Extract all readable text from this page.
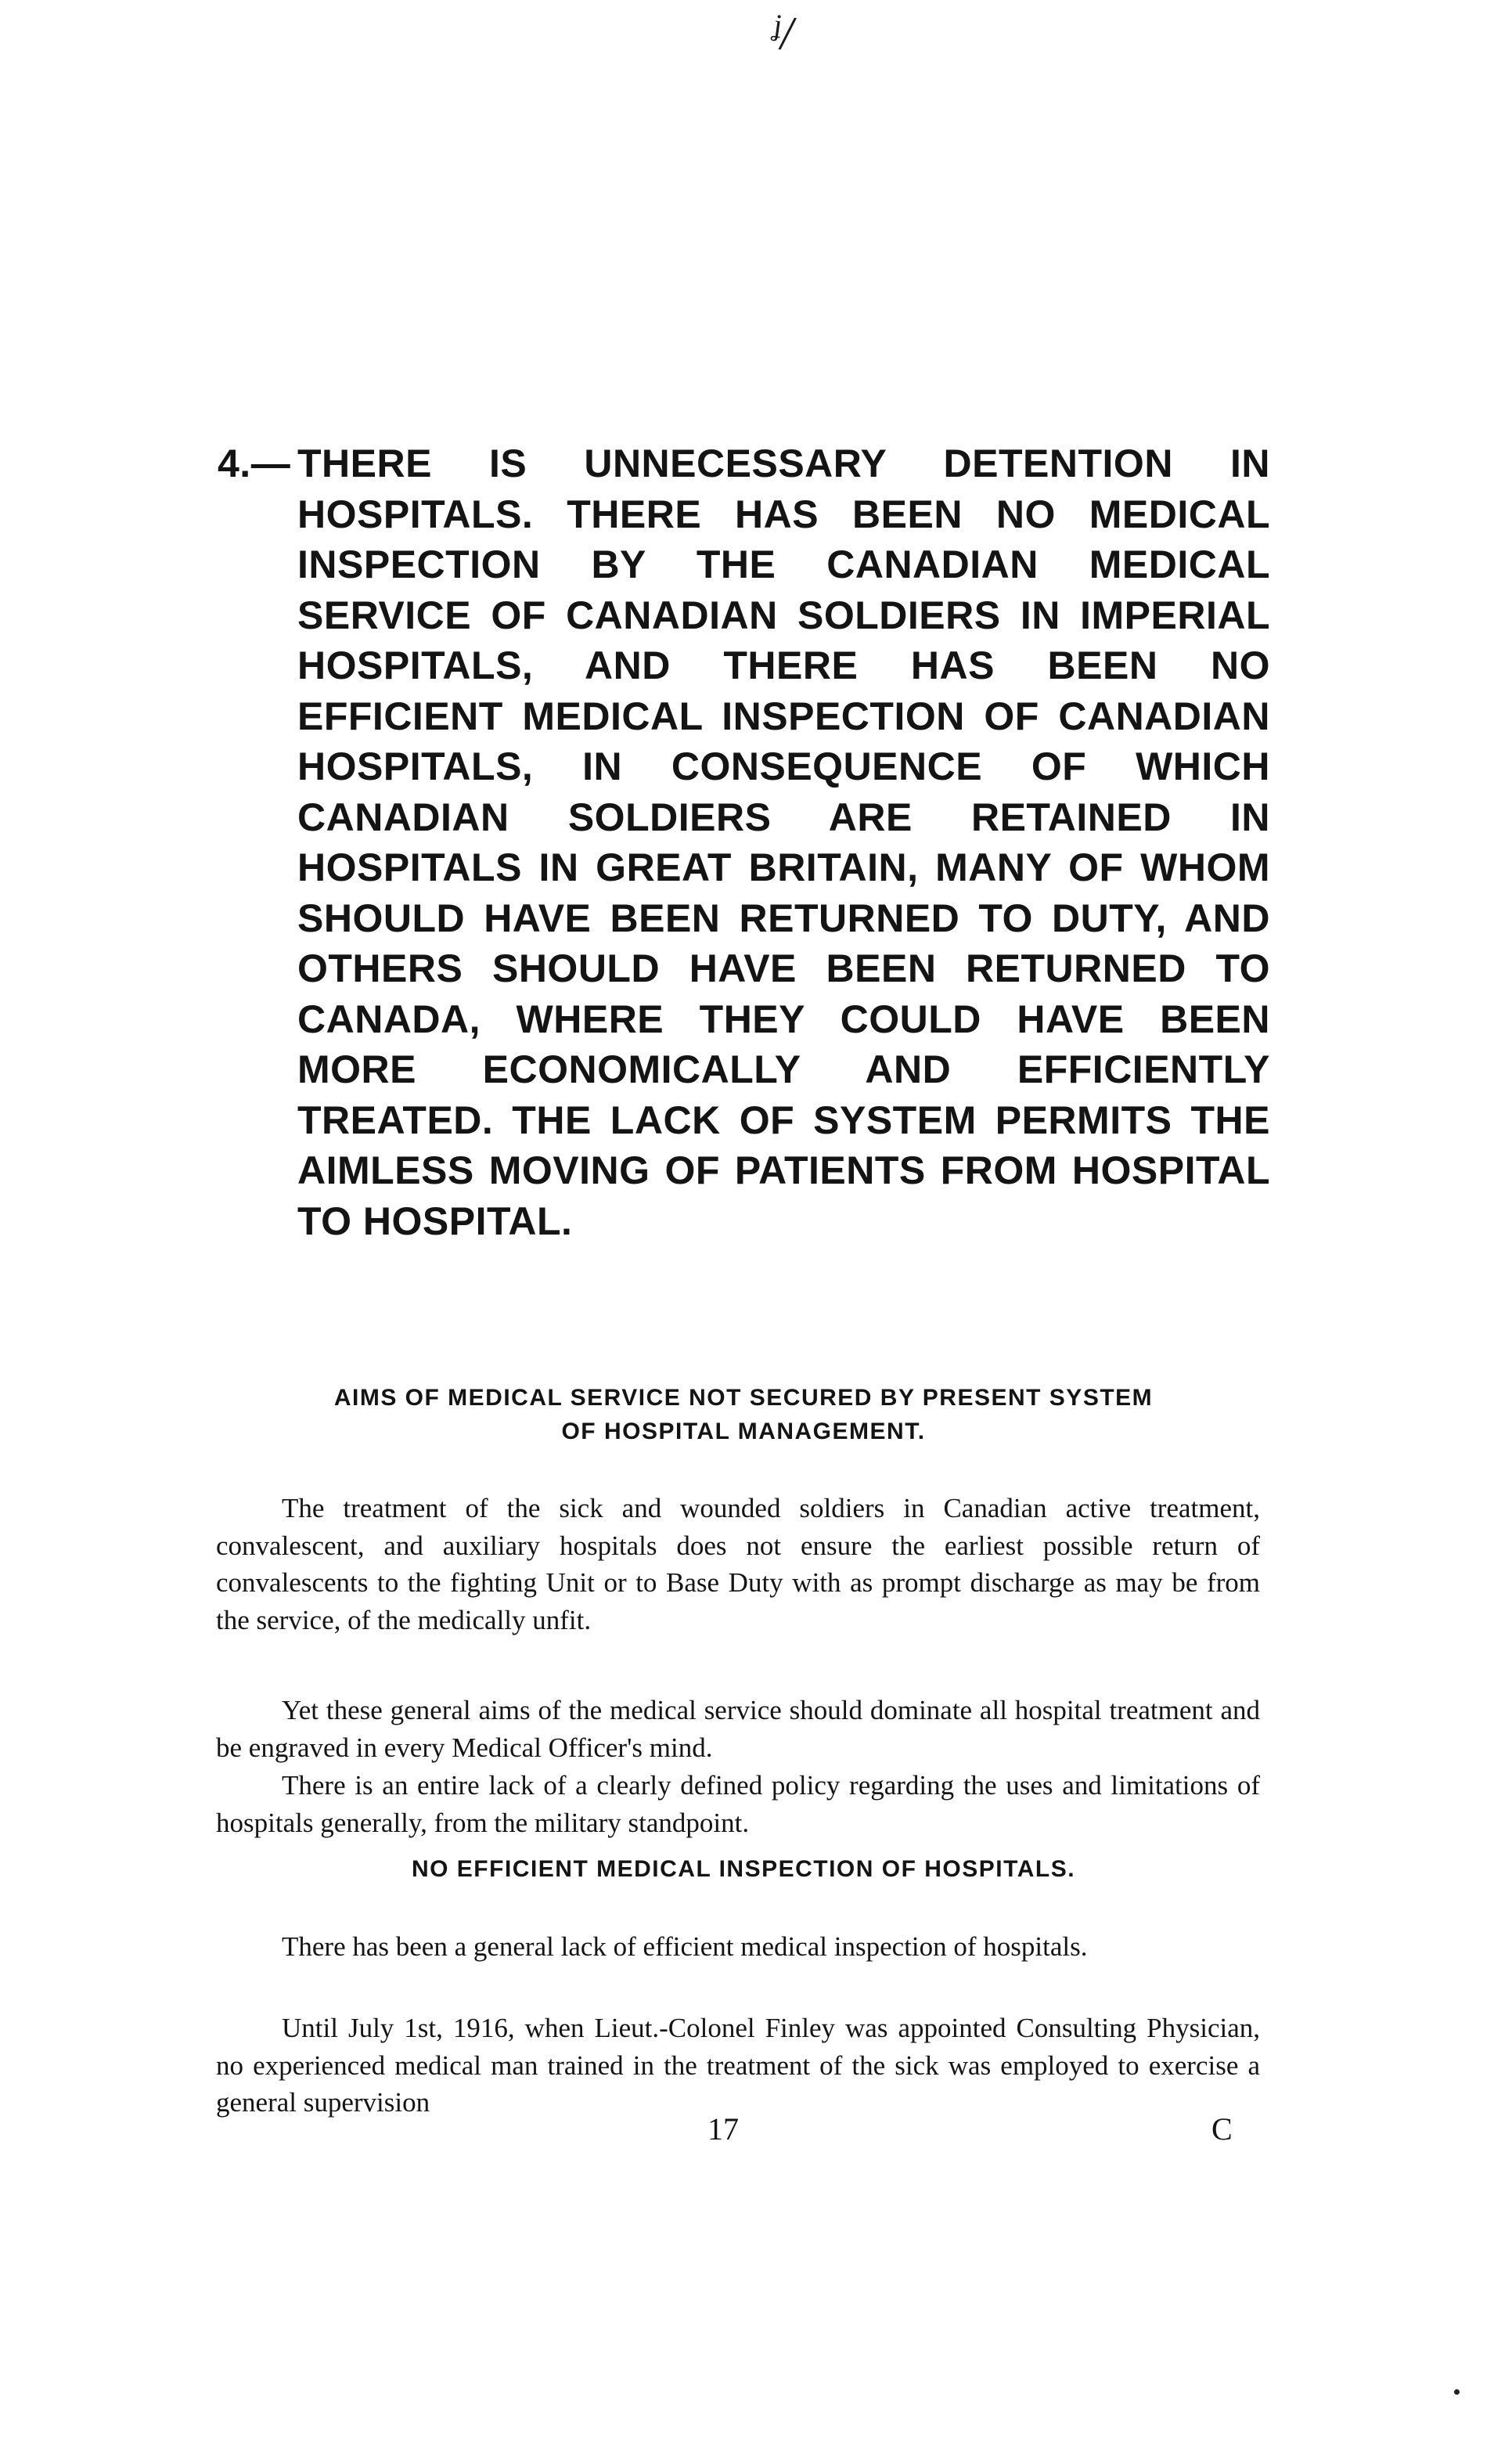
ᶨ/
4.— THERE IS UNNECESSARY DETENTION IN HOSPITALS. THERE HAS BEEN NO MEDICAL INSPECTION BY THE CANADIAN MEDICAL SERVICE OF CANADIAN SOLDIERS IN IMPERIAL HOSPITALS, AND THERE HAS BEEN NO EFFICIENT MEDICAL INSPECTION OF CANADIAN HOSPITALS, IN CONSEQUENCE OF WHICH CANADIAN SOLDIERS ARE RETAINED IN HOSPITALS IN GREAT BRITAIN, MANY OF WHOM SHOULD HAVE BEEN RETURNED TO DUTY, AND OTHERS SHOULD HAVE BEEN RETURNED TO CANADA, WHERE THEY COULD HAVE BEEN MORE ECONOMICALLY AND EFFICIENTLY TREATED. THE LACK OF SYSTEM PERMITS THE AIMLESS MOVING OF PATIENTS FROM HOSPITAL TO HOSPITAL.
AIMS OF MEDICAL SERVICE NOT SECURED BY PRESENT SYSTEM
OF HOSPITAL MANAGEMENT.

The treatment of the sick and wounded soldiers in Canadian active treatment, convalescent, and auxiliary hospitals does not ensure the earliest possible return of convalescents to the fighting Unit or to Base Duty with as prompt discharge as may be from the service, of the medically unfit.

Yet these general aims of the medical service should dominate all hospital treatment and be engraved in every Medical Officer's mind.

There is an entire lack of a clearly defined policy regarding the uses and limitations of hospitals generally, from the military standpoint.

NO EFFICIENT MEDICAL INSPECTION OF HOSPITALS.

There has been a general lack of efficient medical inspection of hospitals.

Until July 1st, 1916, when Lieut.-Colonel Finley was appointed Consulting Physician, no experienced medical man trained in the treatment of the sick was employed to exercise a general supervision

17	C
